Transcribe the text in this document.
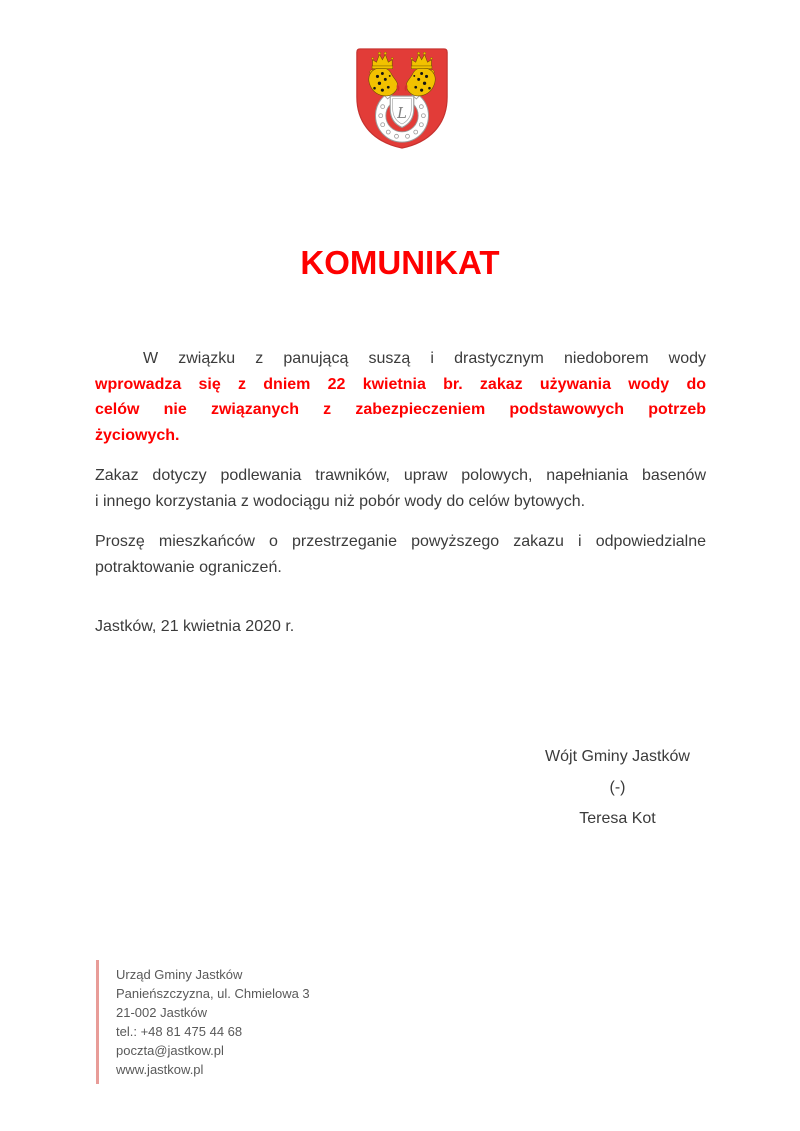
L
KOMUNIKAT
W związku z panującą suszą i drastycznym niedoborem wody
wprowadza się z dniem 22 kwietnia br. zakaz używania wody do
celów nie związanych z zabezpieczeniem podstawowych potrzeb
życiowych.
Zakaz dotyczy podlewania trawników, upraw polowych, napełniania basenów
i innego korzystania z wodociągu niż pobór wody do celów bytowych.
Proszę mieszkańców o przestrzeganie powyższego zakazu i odpowiedzialne
potraktowanie ograniczeń.
Jastków, 21 kwietnia 2020 r.
Wójt Gminy Jastków
(-)
Teresa Kot
Urząd Gminy Jastków
Panieńszczyzna, ul. Chmielowa 3
21-002 Jastków
tel.: +48 81 475 44 68
poczta@jastkow.pl
www.jastkow.pl
